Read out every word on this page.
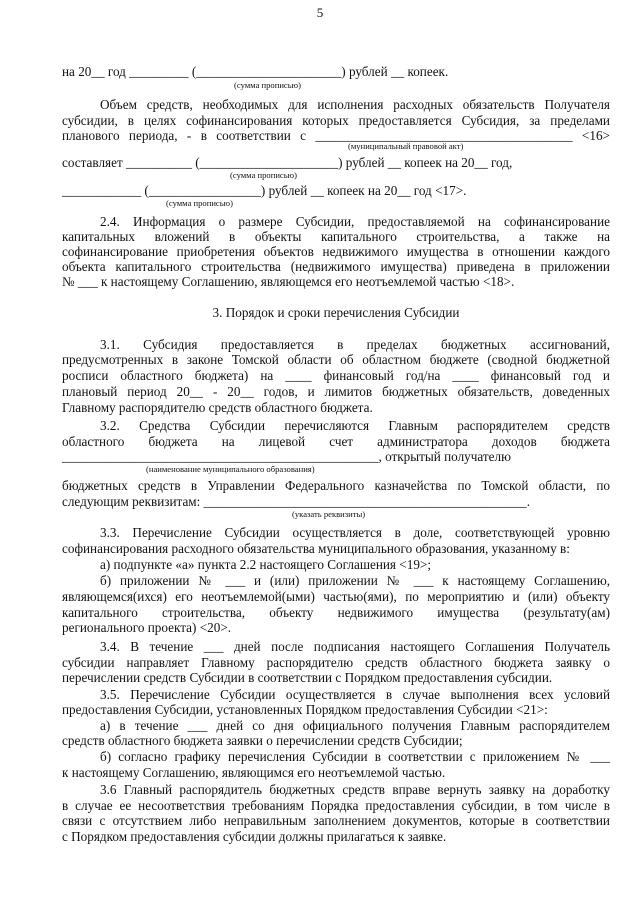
5
на 20__ год _________ (______________________) рублей __ копеек.
(сумма прописью)
Объем средств, необходимых для исполнения расходных обязательств Получателя
субсидии, в целях софинансирования которых предоставляется Субсидия, за пределами
планового периода, - в соответствии с _______________________________________ <16>
(муниципальный правовой акт)
составляет __________ (_____________________) рублей __ копеек на 20__ год,
(сумма прописью)
____________ (_________________) рублей __ копеек на 20__ год <17>.
(сумма прописью)
2.4. Информация о размере Субсидии, предоставляемой на софинансирование
капитальных вложений в объекты капитального строительства, а также на
софинансирование приобретения объектов недвижимого имущества в отношении каждого
объекта капитального строительства (недвижимого имущества) приведена в приложении
№ ___ к настоящему Соглашению, являющемся его неотъемлемой частью <18>.
3. Порядок и сроки перечисления Субсидии
3.1. Субсидия предоставляется в пределах бюджетных ассигнований,
предусмотренных в законе Томской области об областном бюджете (сводной бюджетной
росписи областного бюджета) на ____ финансовый год/на ____ финансовый год и
плановый период 20__ - 20__ годов, и лимитов бюджетных обязательств, доведенных
Главному распорядителю средств областного бюджета.
3.2. Средства Субсидии перечисляются Главным распорядителем средств
областного бюджета на лицевой счет администратора доходов бюджета
________________________________________________, открытый получателю
(наименование муниципального образования)
бюджетных средств в Управлении Федерального казначейства по Томской области, по
следующим реквизитам: _________________________________________________.
(указать реквизиты)
3.3. Перечисление Субсидии осуществляется в доле, соответствующей уровню
софинансирования расходного обязательства муниципального образования, указанному в:
а) подпункте «а» пункта 2.2 настоящего Соглашения <19>;
б) приложении № ___ и (или) приложении № ___ к настоящему Соглашению,
являющемся(ихся) его неотъемлемой(ыми) частью(ями), по мероприятию и (или) объекту
капитального строительства, объекту недвижимого имущества (результату(ам)
регионального проекта) <20>.
3.4. В течение ___ дней после подписания настоящего Соглашения Получатель
субсидии направляет Главному распорядителю средств областного бюджета заявку о
перечислении средств Субсидии в соответствии с Порядком предоставления субсидии.
3.5. Перечисление Субсидии осуществляется в случае выполнения всех условий
предоставления Субсидии, установленных Порядком предоставления Субсидии <21>:
а) в течение ___ дней со дня официального получения Главным распорядителем
средств областного бюджета заявки о перечислении средств Субсидии;
б) согласно графику перечисления Субсидии в соответствии с приложением № ___
к настоящему Соглашению, являющимся его неотъемлемой частью.
3.6 Главный распорядитель бюджетных средств вправе вернуть заявку на доработку
в случае ее несоответствия требованиям Порядка предоставления субсидии, в том числе в
связи с отсутствием либо неправильным заполнением документов, которые в соответствии
с Порядком предоставления субсидии должны прилагаться к заявке.
